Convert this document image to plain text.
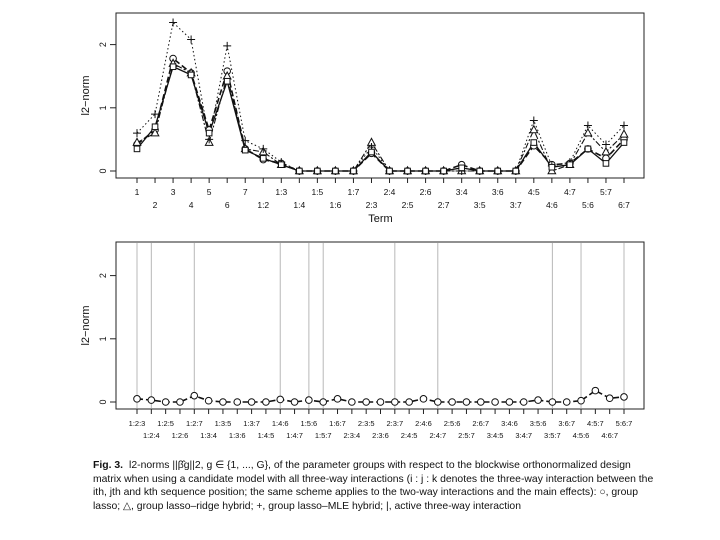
0
1
2
l2−norm
1	3	5	7	1:3	1:5	1:7	2:4	2:6	3:4	3:6	4:5	4:7	5:7
2	4	6	1:2	1:4	1:6	2:3	2:5	2:7	3:5	3:7	4:6	5:6	6:7
Term
0
1
2
l2−norm
1:2:3 1:2:5 1:2:7 1:3:5 1:3:7 1:4:6 1:5:6 1:6:7 2:3:5 2:3:7 2:4:6 2:5:6 2:6:7 3:4:6 3:5:6 3:6:7 4:5:7 5:6:7
1:2:4 1:2:6 1:3:4 1:3:6 1:4:5 1:4:7 1:5:7 2:3:4 2:3:6 2:4:5 2:4:7 2:5:7 3:4:5 3:4:7 3:5:7 4:5:6 4:6:7
Fig. 3. l2-norms ||β̂g||2, g ∈ {1, ..., G}, of the parameter groups with respect to the blockwise orthonormalized design matrix when using a candidate model with all three-way interactions (i : j : k denotes the three-way interaction between the ith, jth and kth sequence position; the same scheme applies to the two-way interactions and the main effects): ○, group lasso; △, group lasso–ridge hybrid; +, group lasso–MLE hybrid; |, active three-way interaction
